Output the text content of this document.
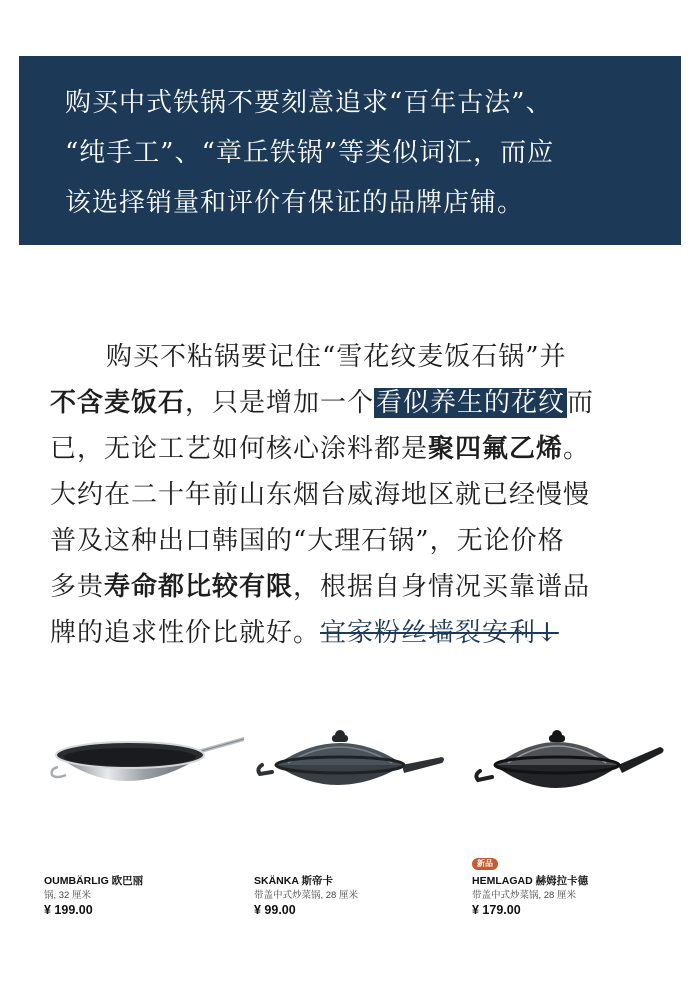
购买中式铁锅不要刻意追求“百年古法”、
“纯手工”、“章丘铁锅”等类似词汇，而应
该选择销量和评价有保证的品牌店铺。
购买不粘锅要记住“雪花纹麦饭石锅”并
不含麦饭石，只是增加一个看似养生的花纹而
已，无论工艺如何核心涂料都是聚四氟乙烯。
大约在二十年前山东烟台威海地区就已经慢慢
普及这种出口韩国的“大理石锅”，无论价格
多贵寿命都比较有限，根据自身情况买靠谱品
牌的追求性价比就好。宜家粉丝墙裂安利↓
OUMBÄRLIG 欧巴丽
锅, 32 厘米
¥ 199.00
SKÄNKA 斯帝卡
带盖中式炒菜锅, 28 厘米
¥ 99.00
新品
HEMLAGAD 赫姆拉卡德
带盖中式炒菜锅, 28 厘米
¥ 179.00
